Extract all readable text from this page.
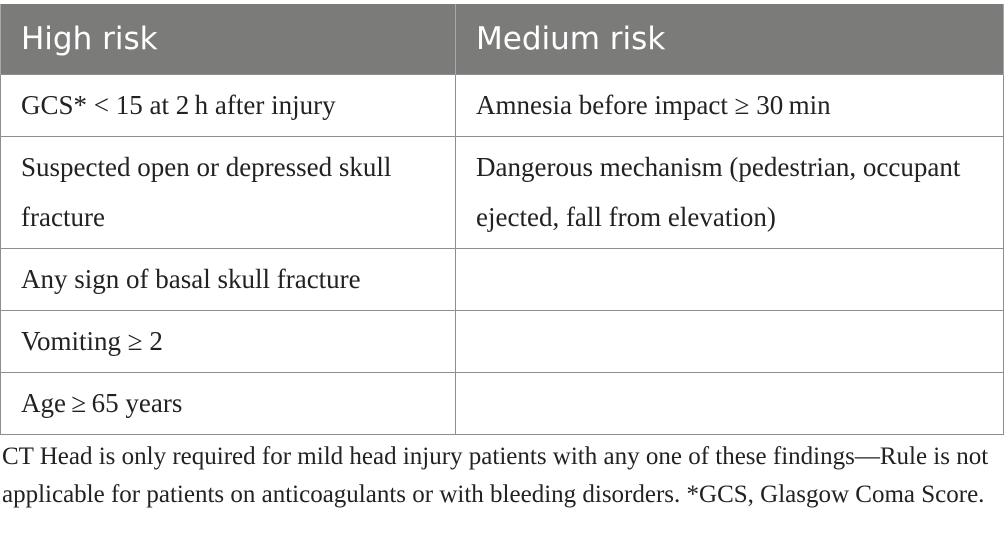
High risk	Medium risk
GCS* < 15 at 2 h after injury	Amnesia before impact ≥ 30 min
Suspected open or depressed skull fracture	Dangerous mechanism (pedestrian, occupant ejected, fall from elevation)
Any sign of basal skull fracture	
Vomiting ≥ 2	
Age ≥ 65 years	
CT Head is only required for mild head injury patients with any one of these findings—Rule is not applicable for patients on anticoagulants or with bleeding disorders. *GCS, Glasgow Coma Score.
